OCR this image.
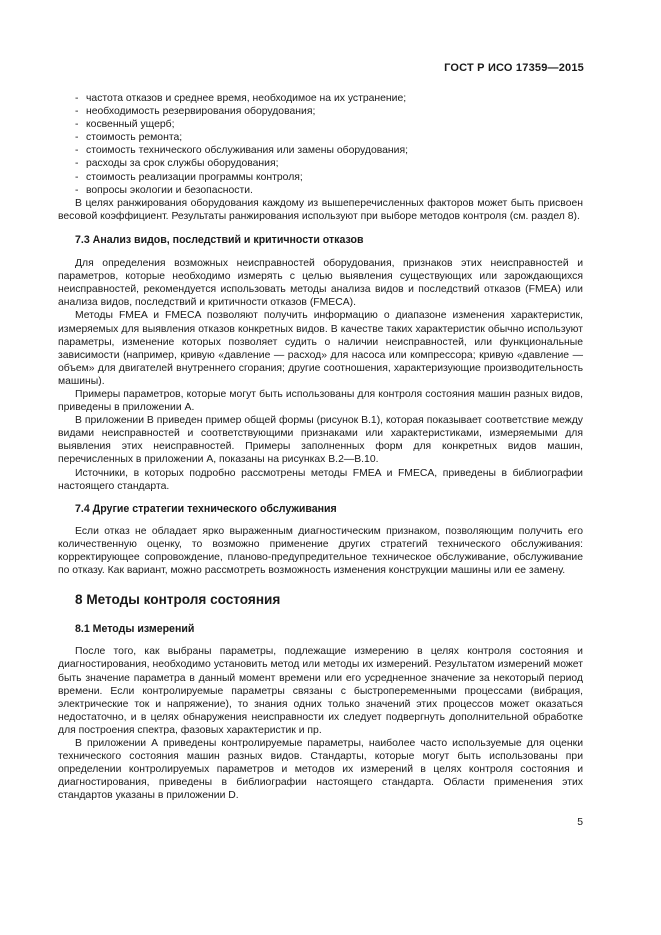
ГОСТ Р ИСО 17359—2015
- частота отказов и среднее время, необходимое на их устранение;
- необходимость резервирования оборудования;
- косвенный ущерб;
- стоимость ремонта;
- стоимость технического обслуживания или замены оборудования;
- расходы за срок службы оборудования;
- стоимость реализации программы контроля;
- вопросы экологии и безопасности.

В целях ранжирования оборудования каждому из вышеперечисленных факторов может быть присвоен весовой коэффициент. Результаты ранжирования используют при выборе методов контроля (см. раздел 8).

7.3 Анализ видов, последствий и критичности отказов

Для определения возможных неисправностей оборудования, признаков этих неисправностей и параметров, которые необходимо измерять с целью выявления существующих или зарождающихся неисправностей, рекомендуется использовать методы анализа видов и последствий отказов (FMEA) или анализа видов, последствий и критичности отказов (FMECA).

Методы FMEA и FMECA позволяют получить информацию о диапазоне изменения характеристик, измеряемых для выявления отказов конкретных видов. В качестве таких характеристик обычно используют параметры, изменение которых позволяет судить о наличии неисправностей, или функциональные зависимости (например, кривую «давление — расход» для насоса или компрессора; кривую «давление — объем» для двигателей внутреннего сгорания; другие соотношения, характеризующие производительность машины).

Примеры параметров, которые могут быть использованы для контроля состояния машин разных видов, приведены в приложении А.

В приложении В приведен пример общей формы (рисунок В.1), которая показывает соответствие между видами неисправностей и соответствующими признаками или характеристиками, измеряемыми для выявления этих неисправностей. Примеры заполненных форм для конкретных видов машин, перечисленных в приложении А, показаны на рисунках В.2—В.10.

Источники, в которых подробно рассмотрены методы FMEA и FMECA, приведены в библиографии настоящего стандарта.

7.4 Другие стратегии технического обслуживания

Если отказ не обладает ярко выраженным диагностическим признаком, позволяющим получить его количественную оценку, то возможно применение других стратегий технического обслуживания: корректирующее сопровождение, планово-предупредительное техническое обслуживание, обслуживание по отказу. Как вариант, можно рассмотреть возможность изменения конструкции машины или ее замену.

8 Методы контроля состояния
8.1 Методы измерений

После того, как выбраны параметры, подлежащие измерению в целях контроля состояния и диагностирования, необходимо установить метод или методы их измерений. Результатом измерений может быть значение параметра в данный момент времени или его усредненное значение за некоторый период времени. Если контролируемые параметры связаны с быстропеременными процессами (вибрация, электрические ток и напряжение), то знания одних только значений этих процессов может оказаться недостаточно, и в целях обнаружения неисправности их следует подвергнуть дополнительной обработке для построения спектра, фазовых характеристик и пр.

В приложении А приведены контролируемые параметры, наиболее часто используемые для оценки технического состояния машин разных видов. Стандарты, которые могут быть использованы при определении контролируемых параметров и методов их измерений в целях контроля состояния и диагностирования, приведены в библиографии настоящего стандарта. Области применения этих стандартов указаны в приложении D.

5
